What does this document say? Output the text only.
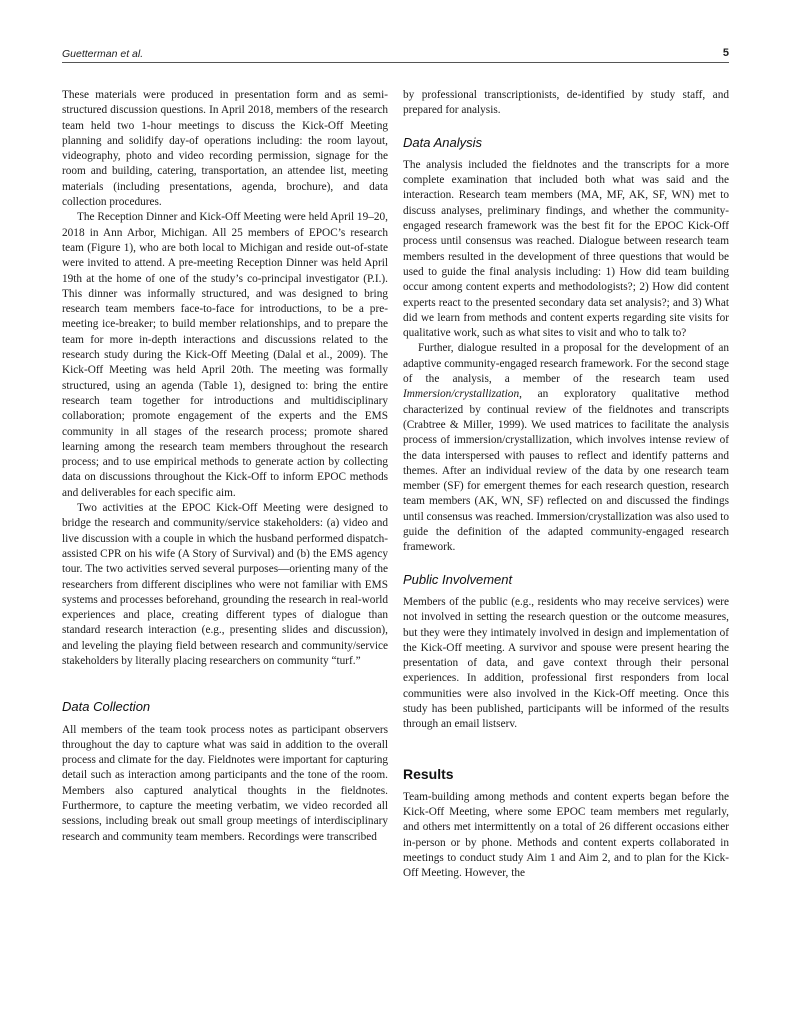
Guetterman et al.	5

These materials were produced in presentation form and as semi-structured discussion questions. In April 2018, members of the research team held two 1-hour meetings to discuss the Kick-Off Meeting planning and solidify day-of operations including: the room layout, videography, photo and video recording permission, signage for the room and building, catering, transportation, an attendee list, meeting materials (including presentations, agenda, brochure), and data collection procedures.

The Reception Dinner and Kick-Off Meeting were held April 19–20, 2018 in Ann Arbor, Michigan. All 25 members of EPOC’s research team (Figure 1), who are both local to Michigan and reside out-of-state were invited to attend. A pre-meeting Reception Dinner was held April 19th at the home of one of the study’s co-principal investigator (P.I.). This dinner was informally structured, and was designed to bring research team members face-to-face for introductions, to be a pre-meeting ice-breaker; to build member relationships, and to prepare the team for more in-depth interactions and discussions related to the research study during the Kick-Off Meeting (Dalal et al., 2009). The Kick-Off Meeting was held April 20th. The meeting was formally structured, using an agenda (Table 1), designed to: bring the entire research team together for introductions and multidisciplinary collaboration; promote engagement of the experts and the EMS community in all stages of the research process; promote shared learning among the research team members throughout the research process; and to use empirical methods to generate action by collecting data on discussions throughout the Kick-Off to inform EPOC methods and deliverables for each specific aim.

Two activities at the EPOC Kick-Off Meeting were designed to bridge the research and community/service stakeholders: (a) video and live discussion with a couple in which the husband performed dispatch-assisted CPR on his wife (A Story of Survival) and (b) the EMS agency tour. The two activities served several purposes—orienting many of the researchers from different disciplines who were not familiar with EMS systems and processes beforehand, grounding the research in real-world experiences and place, creating different types of dialogue than standard research interaction (e.g., presenting slides and discussion), and leveling the playing field between research and community/service stakeholders by literally placing researchers on community “turf.”

Data Collection

All members of the team took process notes as participant observers throughout the day to capture what was said in addition to the overall process and climate for the day. Fieldnotes were important for capturing detail such as interaction among participants and the tone of the room. Members also captured analytical thoughts in the fieldnotes. Furthermore, to capture the meeting verbatim, we video recorded all sessions, including break out small group meetings of interdisciplinary research and community team members. Recordings were transcribed

by professional transcriptionists, de-identified by study staff, and prepared for analysis.

Data Analysis

The analysis included the fieldnotes and the transcripts for a more complete examination that included both what was said and the interaction. Research team members (MA, MF, AK, SF, WN) met to discuss analyses, preliminary findings, and whether the community-engaged research framework was the best fit for the EPOC Kick-Off process until consensus was reached. Dialogue between research team members resulted in the development of three questions that would be used to guide the final analysis including: 1) How did team building occur among content experts and methodologists?; 2) How did content experts react to the presented secondary data set analysis?; and 3) What did we learn from methods and content experts regarding site visits for qualitative work, such as what sites to visit and who to talk to?

Further, dialogue resulted in a proposal for the development of an adaptive community-engaged research framework. For the second stage of the analysis, a member of the research team used Immersion/crystallization, an exploratory qualitative method characterized by continual review of the fieldnotes and transcripts (Crabtree & Miller, 1999). We used matrices to facilitate the analysis process of immersion/crystallization, which involves intense review of the data interspersed with pauses to reflect and identify patterns and themes. After an individual review of the data by one research team member (SF) for emergent themes for each research question, research team members (AK, WN, SF) reflected on and discussed the findings until consensus was reached. Immersion/crystallization was also used to guide the definition of the adapted community-engaged research framework.

Public Involvement

Members of the public (e.g., residents who may receive services) were not involved in setting the research question or the outcome measures, but they were they intimately involved in design and implementation of the Kick-Off meeting. A survivor and spouse were present hearing the presentation of data, and gave context through their personal experiences. In addition, professional first responders from local communities were also involved in the Kick-Off meeting. Once this study has been published, participants will be informed of the results through an email listserv.

Results

Team-building among methods and content experts began before the Kick-Off Meeting, where some EPOC team members met regularly, and others met intermittently on a total of 26 different occasions either in-person or by phone. Methods and content experts collaborated in meetings to conduct study Aim 1 and Aim 2, and to plan for the Kick-Off Meeting. However, the
